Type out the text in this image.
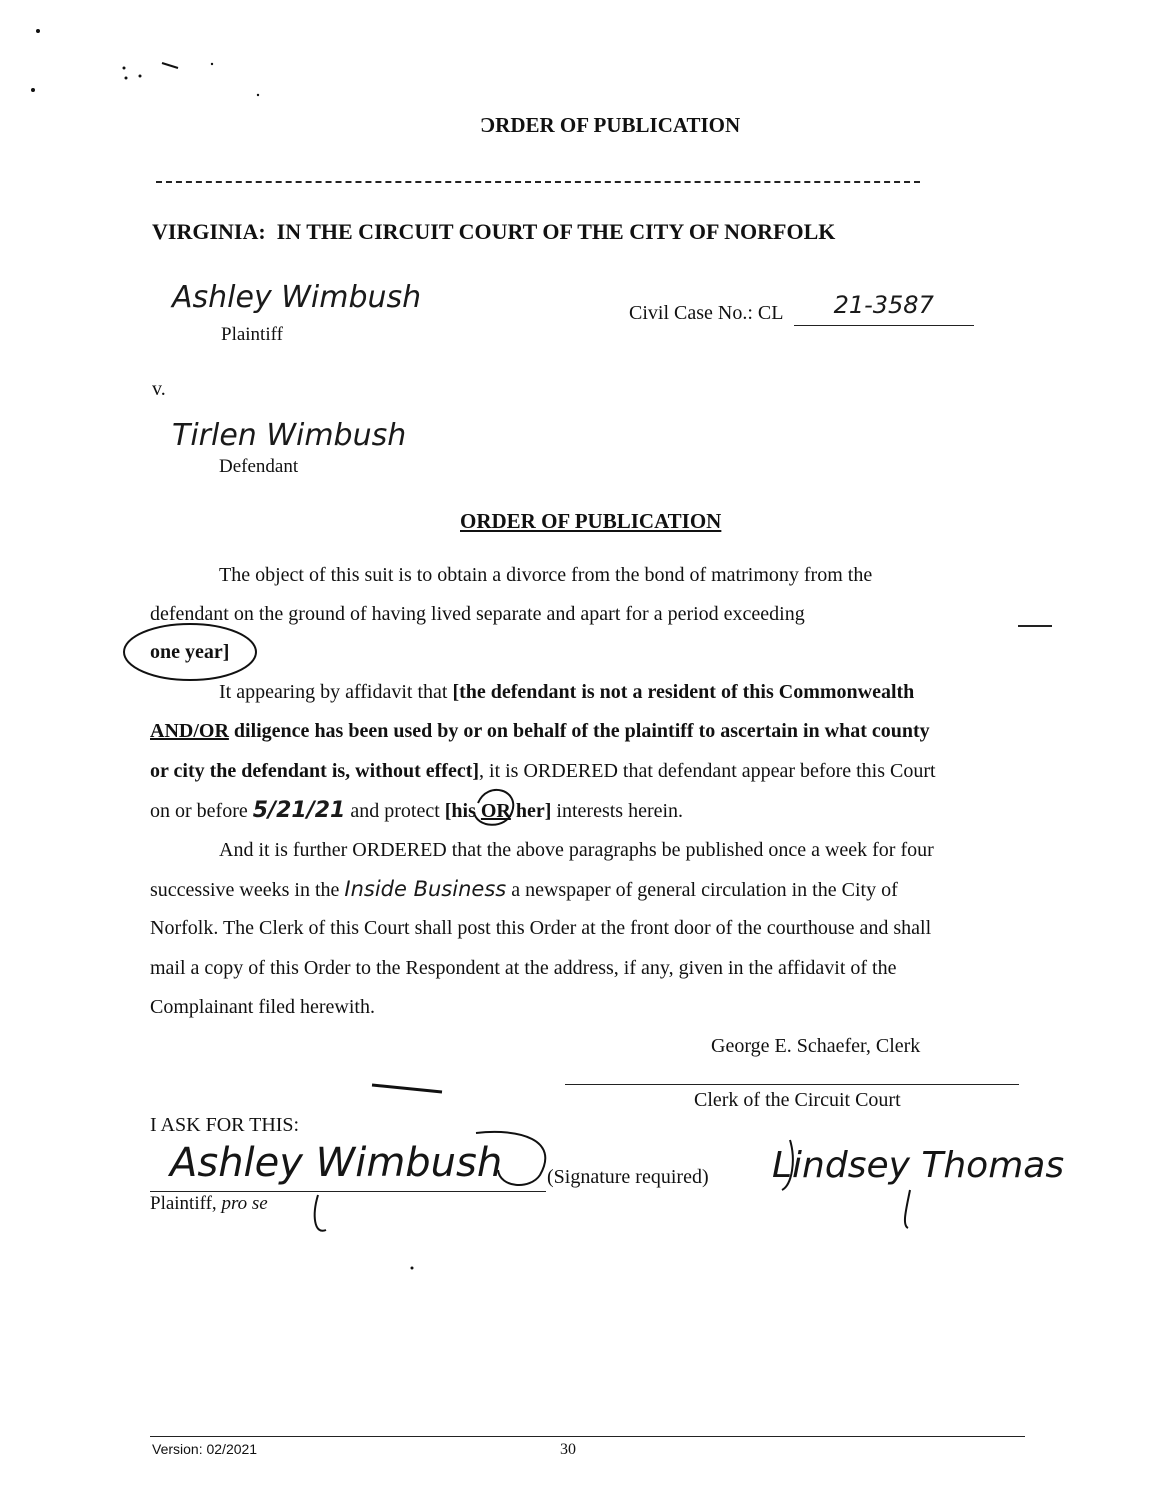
ƆRDER OF PUBLICATION
VIRGINIA:  IN THE CIRCUIT COURT OF THE CITY OF NORFOLK
Ashley Wimbush
Plaintiff
Civil Case No.: CL 21-3587
v.
Tirlen Wimbush
Defendant
ORDER OF PUBLICATION
The object of this suit is to obtain a divorce from the bond of matrimony from the
defendant on the ground of having lived separate and apart for a period exceeding
one year]
It appearing by affidavit that [the defendant is not a resident of this Commonwealth
AND/OR diligence has been used by or on behalf of the plaintiff to ascertain in what county
or city the defendant is, without effect], it is ORDERED that defendant appear before this Court
on or before 5/21/21 and protect [his OR her] interests herein.
And it is further ORDERED that the above paragraphs be published once a week for four
successive weeks in the Inside Business a newspaper of general circulation in the City of
Norfolk. The Clerk of this Court shall post this Order at the front door of the courthouse and shall
mail a copy of this Order to the Respondent at the address, if any, given in the affidavit of the
Complainant filed herewith.
George E. Schaefer, Clerk
Clerk of the Circuit Court
I ASK FOR THIS:
Ashley Wimbush (Signature required)
Plaintiff, pro se
Lindsey Thomas
Version: 02/2021	30
